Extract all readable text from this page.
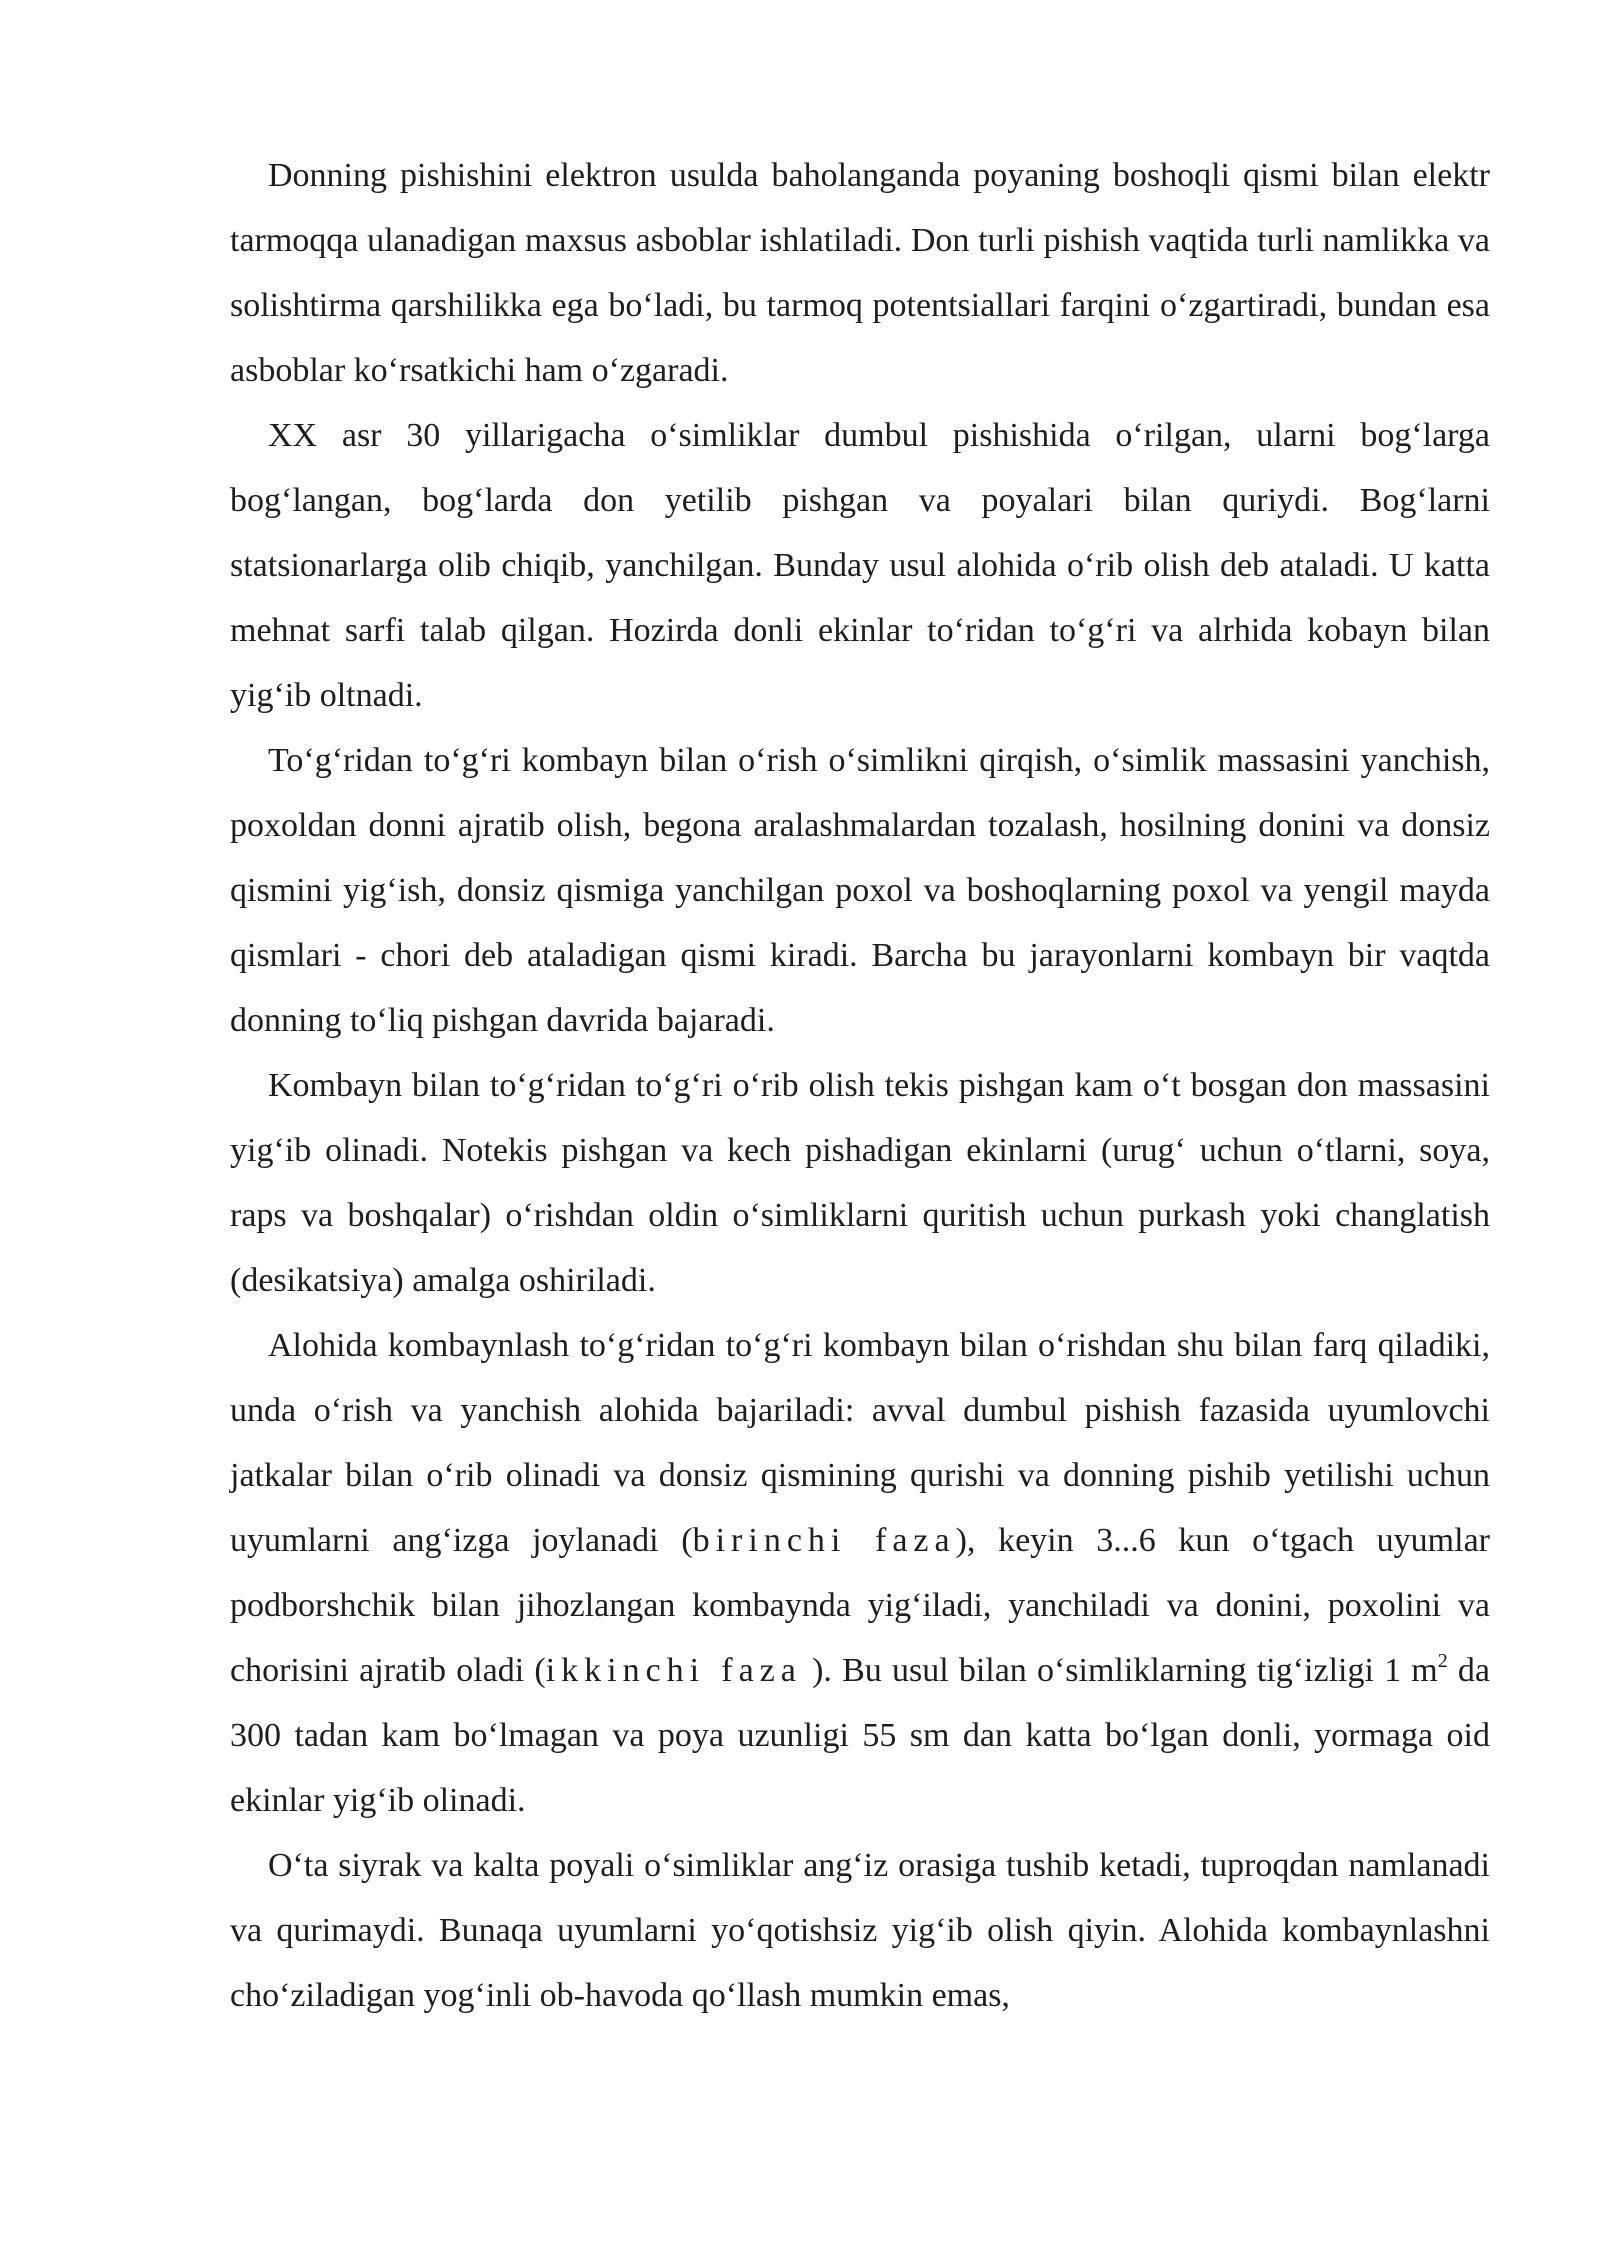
Donning pishishini elektron usulda baholanganda poyaning boshoqli qismi bilan elektr tarmoqqa ulanadigan maxsus asboblar ishlatiladi. Don turli pishish vaqtida turli namlikka va solishtirma qarshilikka ega bo‘ladi, bu tarmoq potentsiallari farqini o‘zgartiradi, bundan esa asboblar ko‘rsatkichi ham o‘zgaradi.

XX asr 30 yillarigacha o‘simliklar dumbul pishishida o‘rilgan, ularni bog‘larga bog‘langan, bog‘larda don yetilib pishgan va poyalari bilan quriydi. Bog‘larni statsionarlarga olib chiqib, yanchilgan. Bunday usul alohida o‘rib olish deb ataladi. U katta mehnat sarfi talab qilgan. Hozirda donli ekinlar to‘ridan to‘g‘ri va alrhida kobayn bilan yig‘ib oltnadi.

To‘g‘ridan to‘g‘ri kombayn bilan o‘rish o‘simlikni qirqish, o‘simlik massasini yanchish, poxoldan donni ajratib olish, begona aralashmalardan tozalash, hosilning donini va donsiz qismini yig‘ish, donsiz qismiga yanchilgan poxol va boshoqlarning poxol va yengil mayda qismlari - chori deb ataladigan qismi kiradi. Barcha bu jarayonlarni kombayn bir vaqtda donning to‘liq pishgan davrida bajaradi.

Kombayn bilan to‘g‘ridan to‘g‘ri o‘rib olish tekis pishgan kam o‘t bosgan don massasini yig‘ib olinadi. Notekis pishgan va kech pishadigan ekinlarni (urug‘ uchun o‘tlarni, soya, raps va boshqalar) o‘rishdan oldin o‘simliklarni quritish uchun purkash yoki changlatish (desikatsiya) amalga oshiriladi.

Alohida kombaynlash to‘g‘ridan to‘g‘ri kombayn bilan o‘rishdan shu bilan farq qiladiki, unda o‘rish va yanchish alohida bajariladi: avval dumbul pishish fazasida uyumlovchi jatkalar bilan o‘rib olinadi va donsiz qismining qurishi va donning pishib yetilishi uchun uyumlarni ang‘izga joylanadi (birinchi faza), keyin 3...6 kun o‘tgach uyumlar podborshchik bilan jihozlangan kombaynda yig‘iladi, yanchiladi va donini, poxolini va chorisini ajratib oladi (ikkinchi faza ). Bu usul bilan o‘simliklarning tig‘izligi 1 $m^2$ da 300 tadan kam bo‘lmagan va poya uzunligi 55 sm dan katta bo‘lgan donli, yormaga oid ekinlar yig‘ib olinadi.

O‘ta siyrak va kalta poyali o‘simliklar ang‘iz orasiga tushib ketadi, tuproqdan namlanadi va qurimaydi. Bunaqa uyumlarni yo‘qotishsiz yig‘ib olish qiyin. Alohida kombaynlashni cho‘ziladigan yog‘inli ob-havoda qo‘llash mumkin emas,
